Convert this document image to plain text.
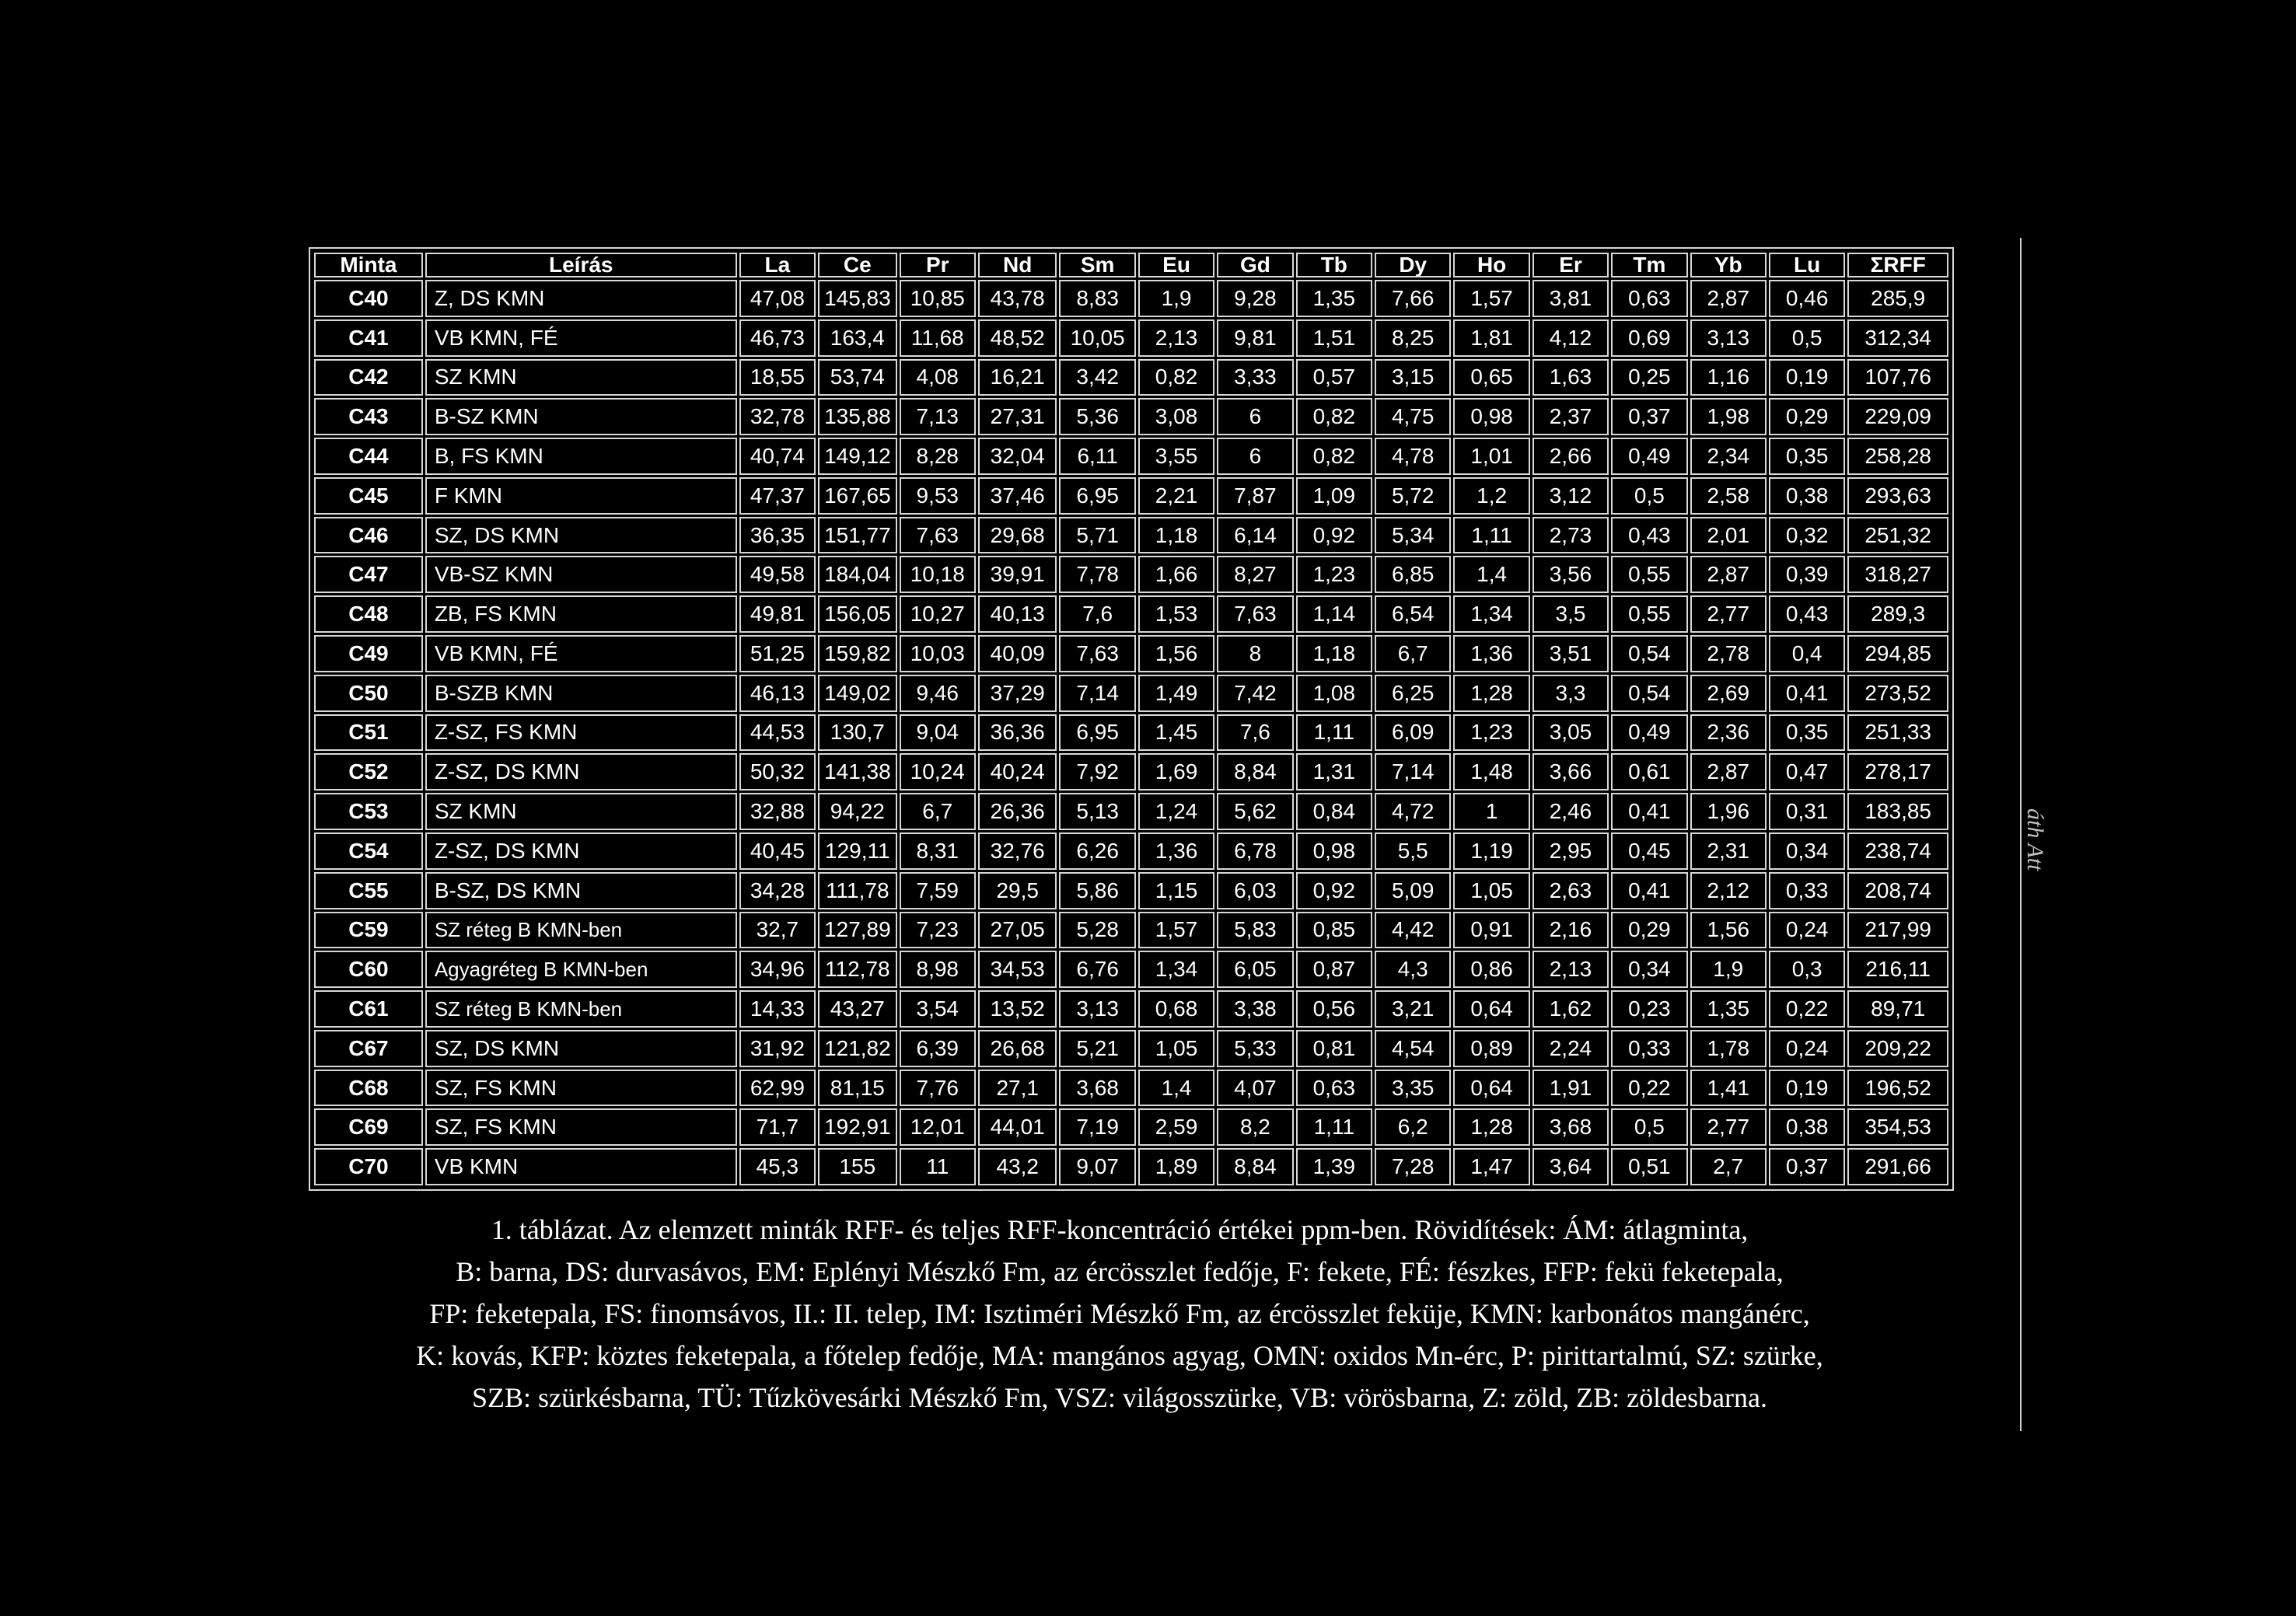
Minta	Leírás	La	Ce	Pr	Nd	Sm	Eu	Gd	Tb	Dy	Ho	Er	Tm	Yb	Lu	ΣRFF
C40	Z, DS KMN	47,08	145,83	10,85	43,78	8,83	1,9	9,28	1,35	7,66	1,57	3,81	0,63	2,87	0,46	285,9
C41	VB KMN, FÉ	46,73	163,4	11,68	48,52	10,05	2,13	9,81	1,51	8,25	1,81	4,12	0,69	3,13	0,5	312,34
C42	SZ KMN	18,55	53,74	4,08	16,21	3,42	0,82	3,33	0,57	3,15	0,65	1,63	0,25	1,16	0,19	107,76
C43	B-SZ KMN	32,78	135,88	7,13	27,31	5,36	3,08	6	0,82	4,75	0,98	2,37	0,37	1,98	0,29	229,09
C44	B, FS KMN	40,74	149,12	8,28	32,04	6,11	3,55	6	0,82	4,78	1,01	2,66	0,49	2,34	0,35	258,28
C45	F KMN	47,37	167,65	9,53	37,46	6,95	2,21	7,87	1,09	5,72	1,2	3,12	0,5	2,58	0,38	293,63
C46	SZ, DS KMN	36,35	151,77	7,63	29,68	5,71	1,18	6,14	0,92	5,34	1,11	2,73	0,43	2,01	0,32	251,32
C47	VB-SZ KMN	49,58	184,04	10,18	39,91	7,78	1,66	8,27	1,23	6,85	1,4	3,56	0,55	2,87	0,39	318,27
C48	ZB, FS KMN	49,81	156,05	10,27	40,13	7,6	1,53	7,63	1,14	6,54	1,34	3,5	0,55	2,77	0,43	289,3
C49	VB KMN, FÉ	51,25	159,82	10,03	40,09	7,63	1,56	8	1,18	6,7	1,36	3,51	0,54	2,78	0,4	294,85
C50	B-SZB KMN	46,13	149,02	9,46	37,29	7,14	1,49	7,42	1,08	6,25	1,28	3,3	0,54	2,69	0,41	273,52
C51	Z-SZ, FS KMN	44,53	130,7	9,04	36,36	6,95	1,45	7,6	1,11	6,09	1,23	3,05	0,49	2,36	0,35	251,33
C52	Z-SZ, DS KMN	50,32	141,38	10,24	40,24	7,92	1,69	8,84	1,31	7,14	1,48	3,66	0,61	2,87	0,47	278,17
C53	SZ KMN	32,88	94,22	6,7	26,36	5,13	1,24	5,62	0,84	4,72	1	2,46	0,41	1,96	0,31	183,85
C54	Z-SZ, DS KMN	40,45	129,11	8,31	32,76	6,26	1,36	6,78	0,98	5,5	1,19	2,95	0,45	2,31	0,34	238,74
C55	B-SZ, DS KMN	34,28	111,78	7,59	29,5	5,86	1,15	6,03	0,92	5,09	1,05	2,63	0,41	2,12	0,33	208,74
C59	SZ réteg B KMN-ben	32,7	127,89	7,23	27,05	5,28	1,57	5,83	0,85	4,42	0,91	2,16	0,29	1,56	0,24	217,99
C60	Agyagréteg B KMN-ben	34,96	112,78	8,98	34,53	6,76	1,34	6,05	0,87	4,3	0,86	2,13	0,34	1,9	0,3	216,11
C61	SZ réteg B KMN-ben	14,33	43,27	3,54	13,52	3,13	0,68	3,38	0,56	3,21	0,64	1,62	0,23	1,35	0,22	89,71
C67	SZ, DS KMN	31,92	121,82	6,39	26,68	5,21	1,05	5,33	0,81	4,54	0,89	2,24	0,33	1,78	0,24	209,22
C68	SZ, FS KMN	62,99	81,15	7,76	27,1	3,68	1,4	4,07	0,63	3,35	0,64	1,91	0,22	1,41	0,19	196,52
C69	SZ, FS KMN	71,7	192,91	12,01	44,01	7,19	2,59	8,2	1,11	6,2	1,28	3,68	0,5	2,77	0,38	354,53
C70	VB KMN	45,3	155	11	43,2	9,07	1,89	8,84	1,39	7,28	1,47	3,64	0,51	2,7	0,37	291,66
1. táblázat. Az elemzett minták RFF- és teljes RFF-koncentráció értékei ppm-ben. Rövidítések: ÁM: átlagminta,
B: barna, DS: durvasávos, EM: Eplényi Mészkő Fm, az ércösszlet fedője, F: fekete, FÉ: fészkes, FFP: fekü feketepala,
FP: feketepala, FS: finomsávos, II.: II. telep, IM: Isztiméri Mészkő Fm, az ércösszlet feküje, KMN: karbonátos mangánérc,
K: kovás, KFP: köztes feketepala, a főtelep fedője, MA: mangános agyag, OMN: oxidos Mn-érc, P: pirittartalmú, SZ: szürke,
SZB: szürkésbarna, TÜ: Tűzkövesárki Mészkő Fm, VSZ: világosszürke, VB: vörösbarna, Z: zöld, ZB: zöldesbarna.
áth Att
